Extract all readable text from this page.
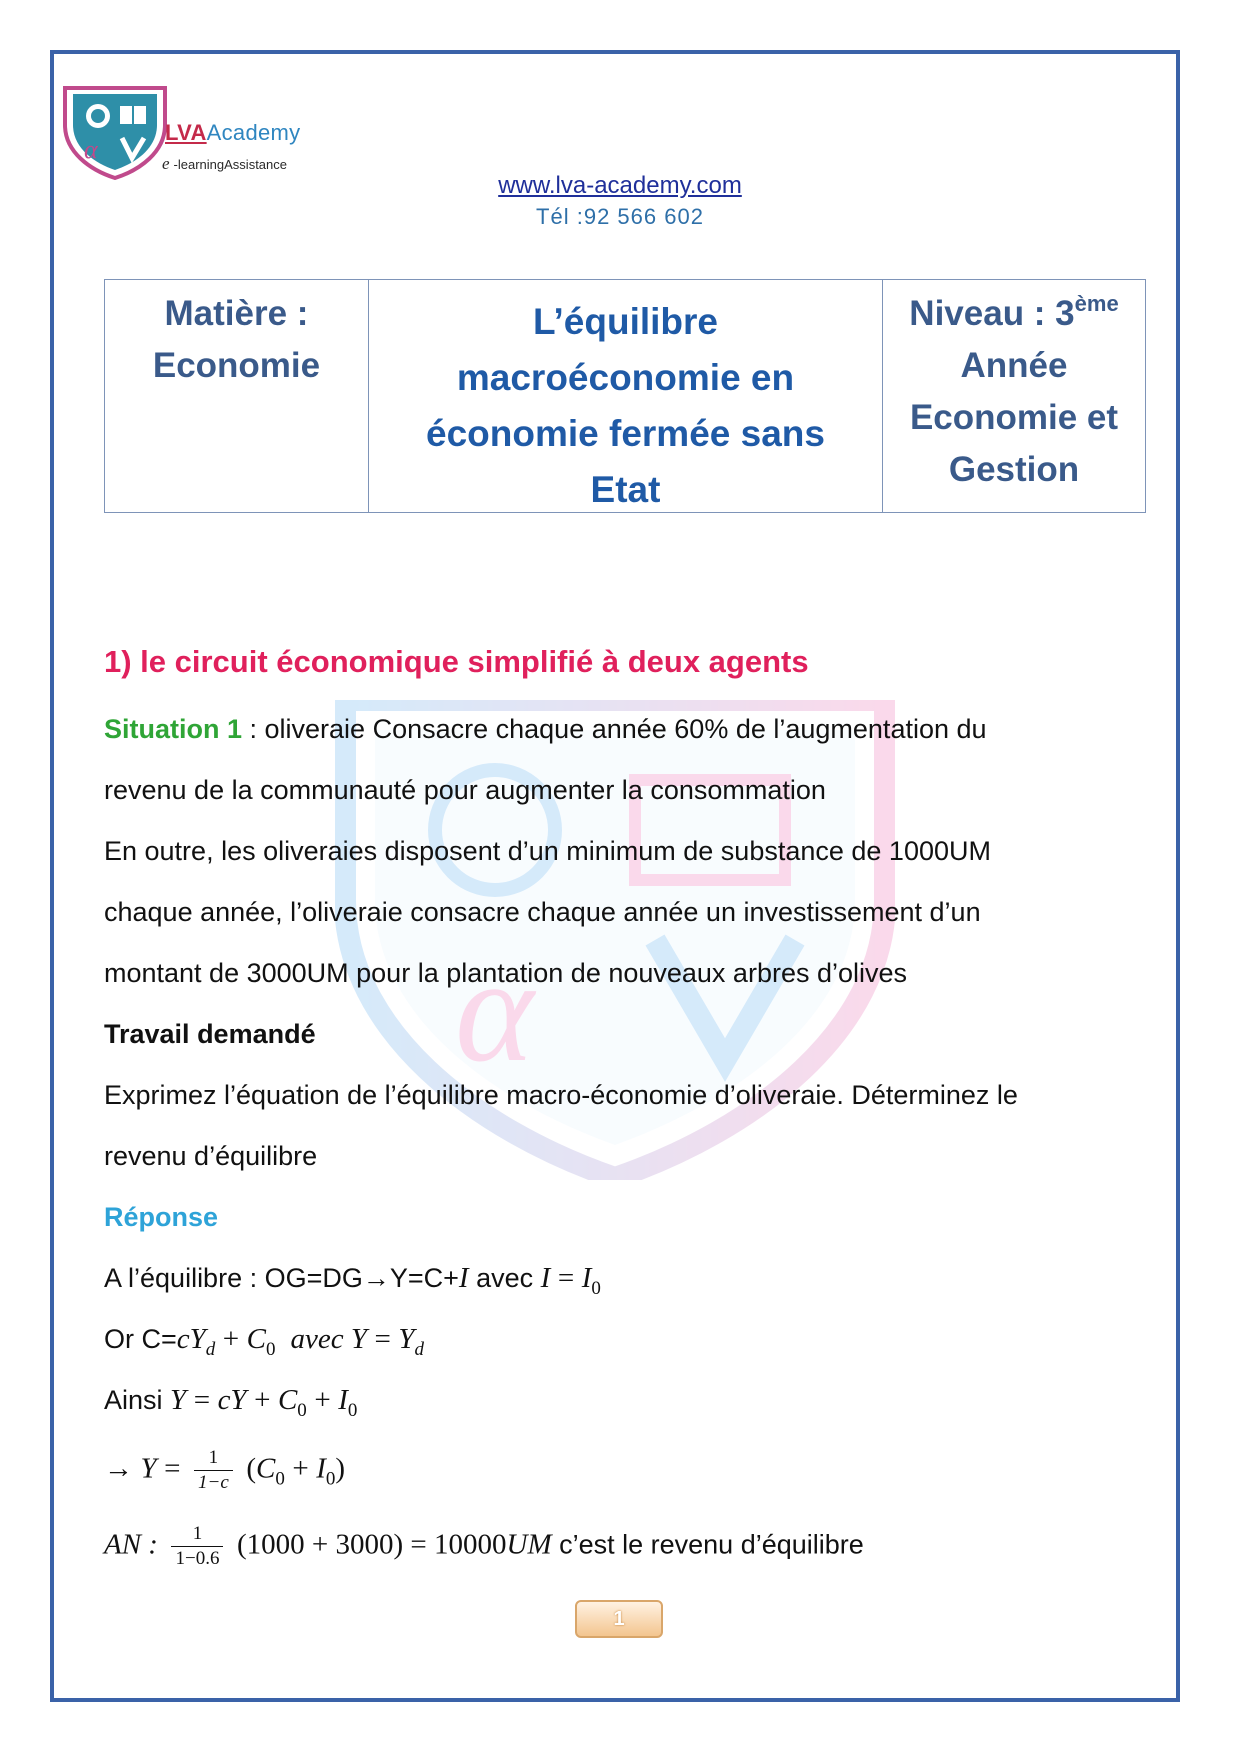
α
LVAAcademy
e -learningAssistance
www.lva-academy.com
Tél :92 566 602
Matière :
Economie
L’équilibre
macroéconomie en
économie fermée sans
Etat
Niveau : 3ème
Année
Economie et
Gestion
α
1) le circuit économique simplifié à deux agents
Situation 1 : oliveraie Consacre chaque année 60% de l’augmentation du
revenu de la communauté pour augmenter la consommation
En outre, les oliveraies disposent d’un minimum de substance de 1000UM
chaque année, l’oliveraie consacre chaque année un investissement d’un
montant de 3000UM pour la plantation de nouveaux arbres d’olives
Travail demandé
Exprimez l’équation de l’équilibre macro-économie d’oliveraie. Déterminez le
revenu d’équilibre
Réponse
A l’équilibre : OG=DG→Y=C+I avec $I = I_0$
Or $C=cY_d + C_0$ avec $Y = Y_d$
Ainsi Y = cY + $C_0 + I_0$
→ $Y = \frac{1}{1-c} (C_0 + I_0)$
AN : $\frac{1}{1-0.6} (1000 + 3000) = 10000UM$ c’est le revenu d’équilibre
1
